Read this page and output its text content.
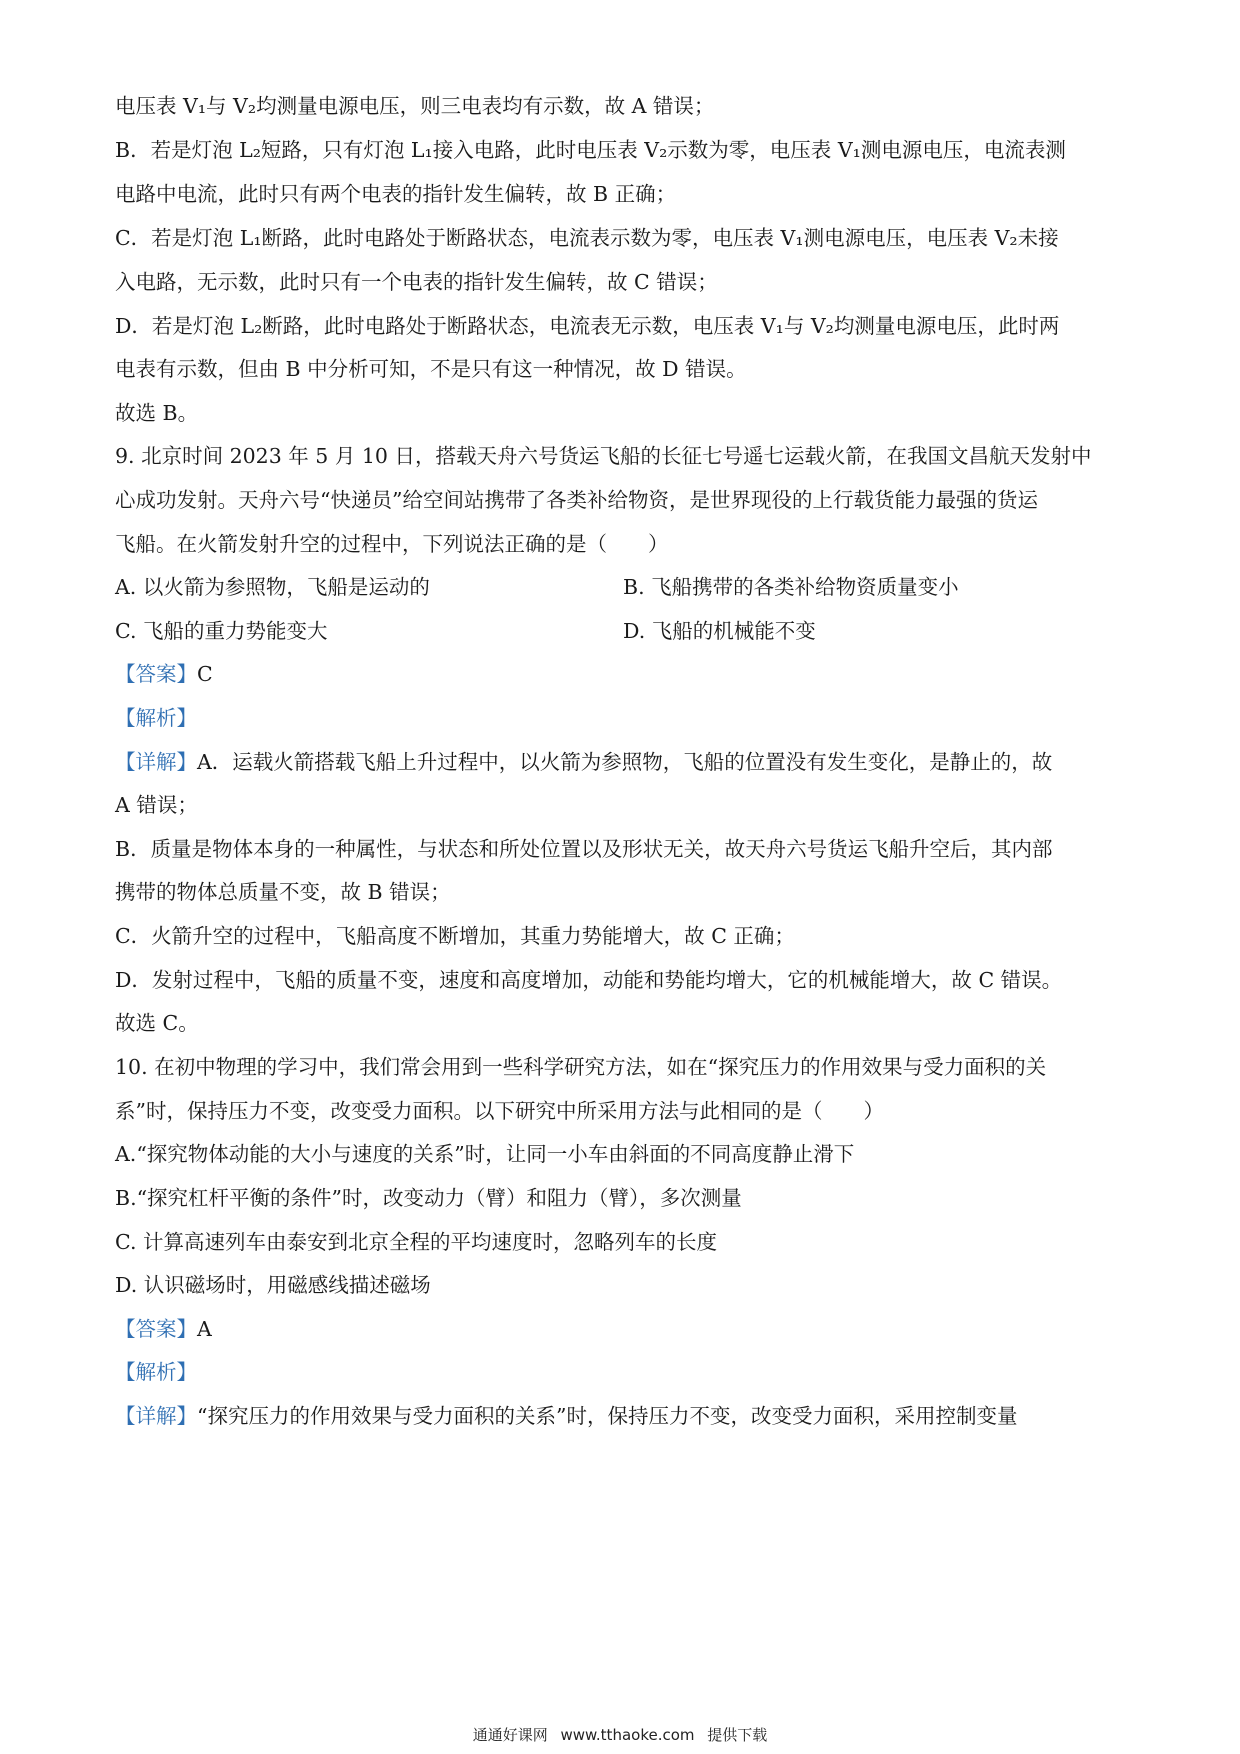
电压表 V₁与 V₂均测量电源电压，则三电表均有示数，故 A 错误；
B．若是灯泡 L₂短路，只有灯泡 L₁接入电路，此时电压表 V₂示数为零，电压表 V₁测电源电压，电流表测
电路中电流，此时只有两个电表的指针发生偏转，故 B 正确；
C．若是灯泡 L₁断路，此时电路处于断路状态，电流表示数为零，电压表 V₁测电源电压，电压表 V₂未接
入电路，无示数，此时只有一个电表的指针发生偏转，故 C 错误；
D．若是灯泡 L₂断路，此时电路处于断路状态，电流表无示数，电压表 V₁与 V₂均测量电源电压，此时两
电表有示数，但由 B 中分析可知，不是只有这一种情况，故 D 错误。
故选 B。
9. 北京时间 2023 年 5 月 10 日，搭载天舟六号货运飞船的长征七号遥七运载火箭，在我国文昌航天发射中
心成功发射。天舟六号“快递员”给空间站携带了各类补给物资，是世界现役的上行载货能力最强的货运
飞船。在火箭发射升空的过程中，下列说法正确的是（　　）
A. 以火箭为参照物，飞船是运动的	B. 飞船携带的各类补给物资质量变小
C. 飞船的重力势能变大	D. 飞船的机械能不变
【答案】C
【解析】
【详解】A．运载火箭搭载飞船上升过程中，以火箭为参照物，飞船的位置没有发生变化，是静止的，故
A 错误；
B．质量是物体本身的一种属性，与状态和所处位置以及形状无关，故天舟六号货运飞船升空后，其内部
携带的物体总质量不变，故 B 错误；
C．火箭升空的过程中，飞船高度不断增加，其重力势能增大，故 C 正确；
D．发射过程中，飞船的质量不变，速度和高度增加，动能和势能均增大，它的机械能增大，故 C 错误。
故选 C。
10. 在初中物理的学习中，我们常会用到一些科学研究方法，如在“探究压力的作用效果与受力面积的关
系”时，保持压力不变，改变受力面积。以下研究中所采用方法与此相同的是（　　）
A.“探究物体动能的大小与速度的关系”时，让同一小车由斜面的不同高度静止滑下
B.“探究杠杆平衡的条件”时，改变动力（臂）和阻力（臂），多次测量
C. 计算高速列车由泰安到北京全程的平均速度时，忽略列车的长度
D. 认识磁场时，用磁感线描述磁场
【答案】A
【解析】
【详解】“探究压力的作用效果与受力面积的关系”时，保持压力不变，改变受力面积，采用控制变量
通通好课网 www.tthaoke.com 提供下载
